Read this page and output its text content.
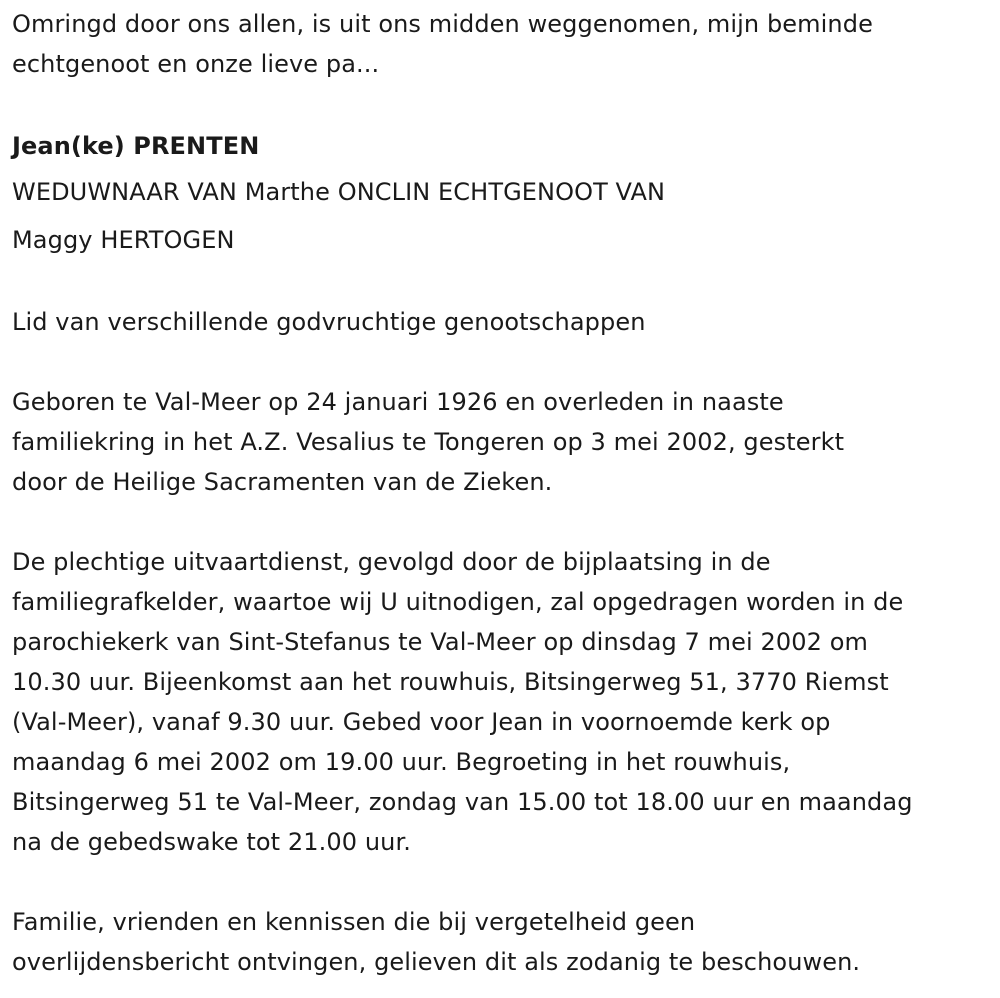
Omringd door ons allen, is uit ons midden weggenomen, mijn beminde
echtgenoot en onze lieve pa...
Jean(ke) PRENTEN
WEDUWNAAR VAN Marthe ONCLIN ECHTGENOOT VAN
Maggy HERTOGEN
Lid van verschillende godvruchtige genootschappen
Geboren te Val-Meer op 24 januari 1926 en overleden in naaste
familiekring in het A.Z. Vesalius te Tongeren op 3 mei 2002, gesterkt
door de Heilige Sacramenten van de Zieken.
De plechtige uitvaartdienst, gevolgd door de bijplaatsing in de
familiegrafkelder, waartoe wij U uitnodigen, zal opgedragen worden in de
parochiekerk van Sint-Stefanus te Val-Meer op dinsdag 7 mei 2002 om
10.30 uur. Bijeenkomst aan het rouwhuis, Bitsingerweg 51, 3770 Riemst
(Val-Meer), vanaf 9.30 uur. Gebed voor Jean in voornoemde kerk op
maandag 6 mei 2002 om 19.00 uur. Begroeting in het rouwhuis,
Bitsingerweg 51 te Val-Meer, zondag van 15.00 tot 18.00 uur en maandag
na de gebedswake tot 21.00 uur.
Familie, vrienden en kennissen die bij vergetelheid geen
overlijdensbericht ontvingen, gelieven dit als zodanig te beschouwen.
